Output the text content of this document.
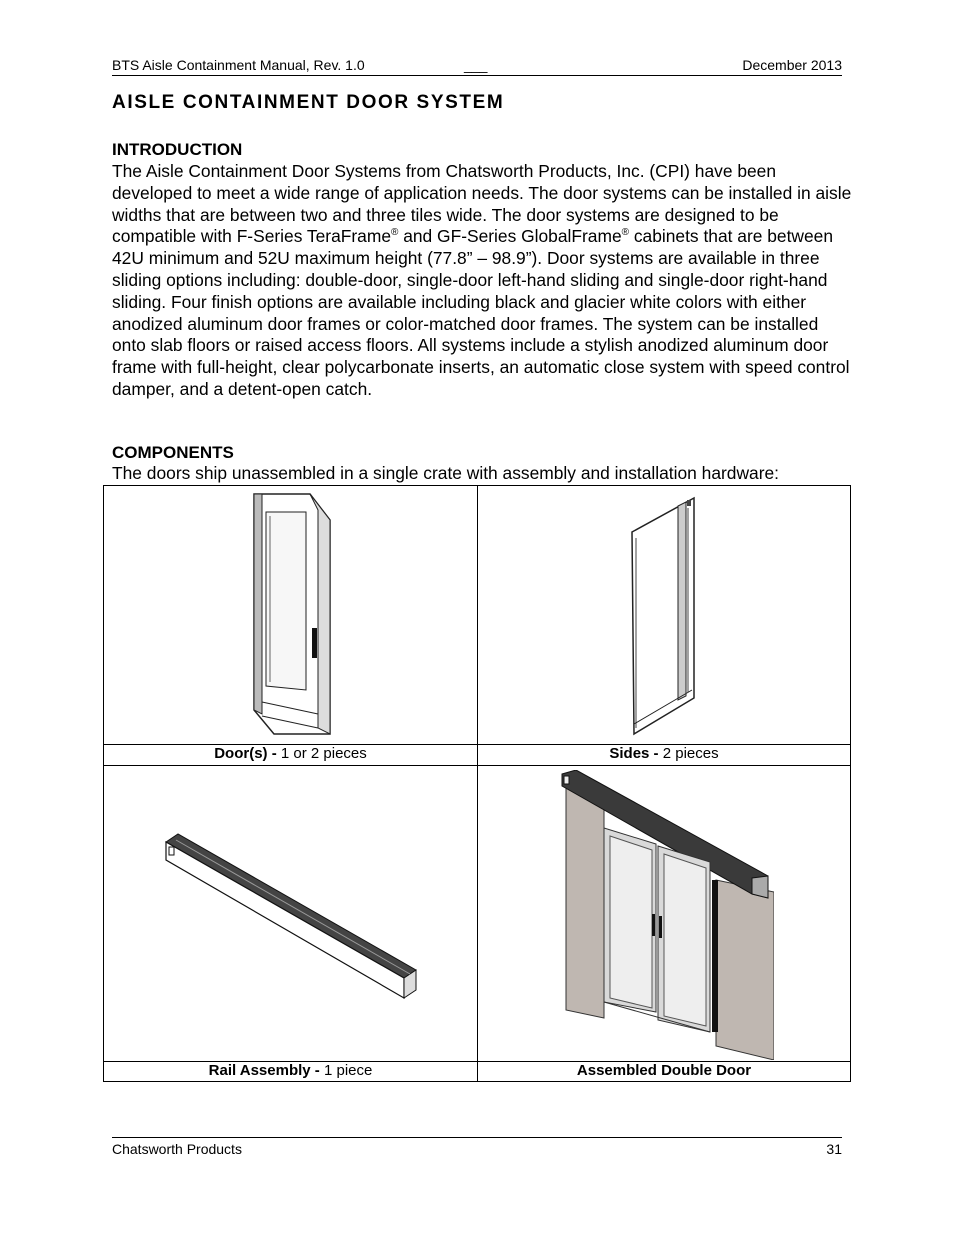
BTS Aisle Containment Manual, Rev. 1.0	___	December 2013
AISLE CONTAINMENT DOOR SYSTEM
INTRODUCTION

The Aisle Containment Door Systems from Chatsworth Products, Inc. (CPI) have been developed to meet a wide range of application needs. The door systems can be installed in aisle widths that are between two and three tiles wide. The door systems are designed to be compatible with F-Series TeraFrame® and GF-Series GlobalFrame® cabinets that are between 42U minimum and 52U maximum height (77.8” – 98.9”). Door systems are available in three sliding options including: double-door, single-door left-hand sliding and single-door right-hand sliding. Four finish options are available including black and glacier white colors with either anodized aluminum door frames or color-matched door frames. The system can be installed onto slab floors or raised access floors. All systems include a stylish anodized aluminum door frame with full-height, clear polycarbonate inserts, an automatic close system with speed control damper, and a detent-open catch.

COMPONENTS

The doors ship unassembled in a single crate with assembly and installation hardware:

Door(s) - 1 or 2 pieces	Sides - 2 pieces
Rail Assembly - 1 piece	Assembled Double Door
Chatsworth Products	31
